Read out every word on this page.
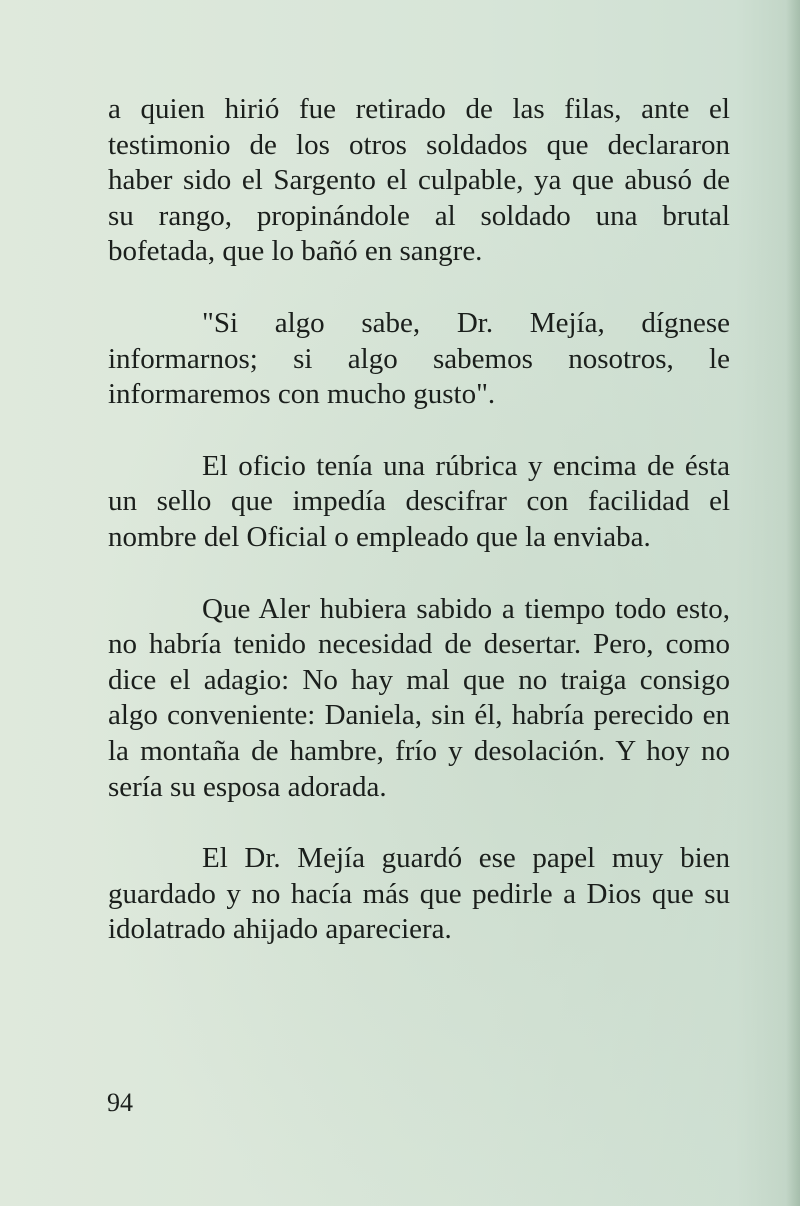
a quien hirió fue retirado de las filas, ante el testimonio de los otros soldados que declararon haber sido el Sargento el culpable, ya que abusó de su rango, propinándole al soldado una brutal bofetada, que lo bañó en sangre.

"Si algo sabe, Dr. Mejía, dígnese informarnos; si algo sabemos nosotros, le informaremos con mucho gusto".

El oficio tenía una rúbrica y encima de ésta un sello que impedía descifrar con facilidad el nombre del Oficial o empleado que la enviaba.

Que Aler hubiera sabido a tiempo todo esto, no habría tenido necesidad de desertar. Pero, como dice el adagio: No hay mal que no traiga consigo algo conveniente: Daniela, sin él, habría perecido en la montaña de hambre, frío y desolación. Y hoy no sería su esposa adorada.

El Dr. Mejía guardó ese papel muy bien guardado y no hacía más que pedirle a Dios que su idolatrado ahijado apareciera.

94
